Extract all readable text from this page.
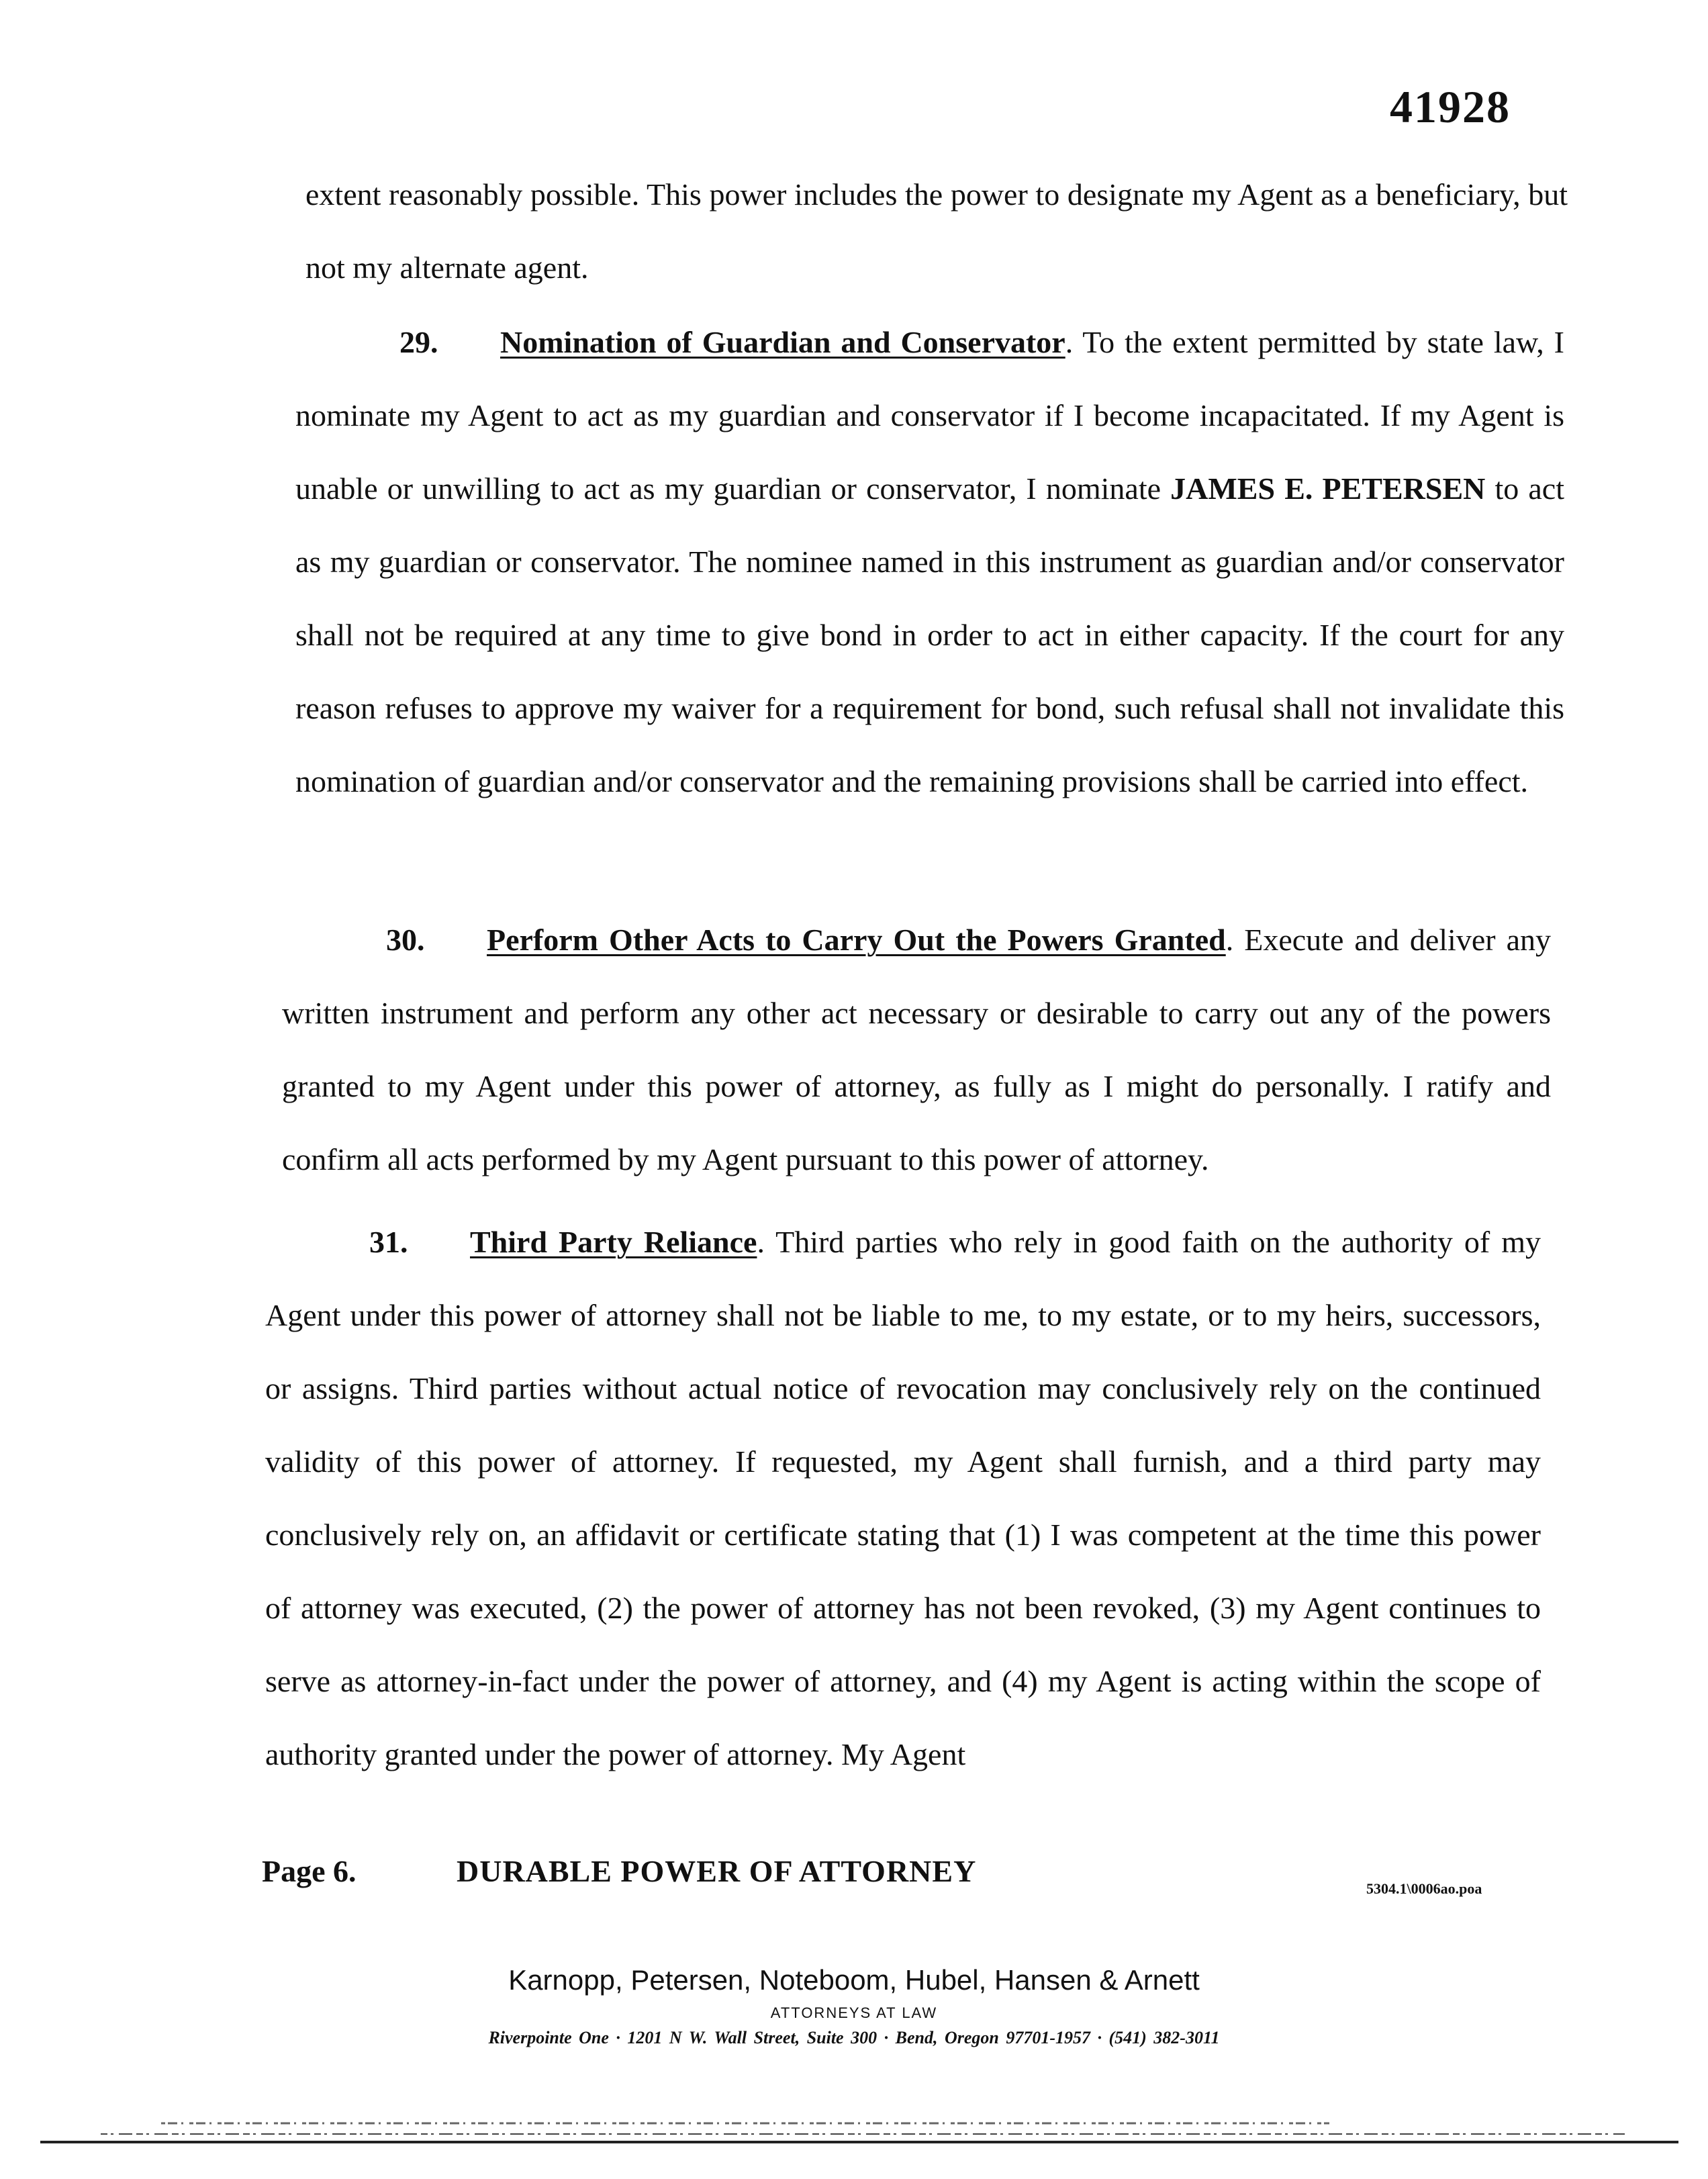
41928
extent reasonably possible. This power includes the power to designate my Agent as a beneficiary, but not my alternate agent.
29. Nomination of Guardian and Conservator. To the extent permitted by state law, I nominate my Agent to act as my guardian and conservator if I become incapacitated. If my Agent is unable or unwilling to act as my guardian or conservator, I nominate JAMES E. PETERSEN to act as my guardian or conservator. The nominee named in this instrument as guardian and/or conservator shall not be required at any time to give bond in order to act in either capacity. If the court for any reason refuses to approve my waiver for a requirement for bond, such refusal shall not invalidate this nomination of guardian and/or conservator and the remaining provisions shall be carried into effect.
30. Perform Other Acts to Carry Out the Powers Granted. Execute and deliver any written instrument and perform any other act necessary or desirable to carry out any of the powers granted to my Agent under this power of attorney, as fully as I might do personally. I ratify and confirm all acts performed by my Agent pursuant to this power of attorney.
31. Third Party Reliance. Third parties who rely in good faith on the authority of my Agent under this power of attorney shall not be liable to me, to my estate, or to my heirs, successors, or assigns. Third parties without actual notice of revocation may conclusively rely on the continued validity of this power of attorney. If requested, my Agent shall furnish, and a third party may conclusively rely on, an affidavit or certificate stating that (1) I was competent at the time this power of attorney was executed, (2) the power of attorney has not been revoked, (3) my Agent continues to serve as attorney-in-fact under the power of attorney, and (4) my Agent is acting within the scope of authority granted under the power of attorney. My Agent
Page 6.	DURABLE POWER OF ATTORNEY
5304.1\0006ao.poa
Karnopp, Petersen, Noteboom, Hubel, Hansen & Arnett
ATTORNEYS AT LAW
Riverpointe One · 1201 N W. Wall Street, Suite 300 · Bend, Oregon 97701-1957 · (541) 382-3011
